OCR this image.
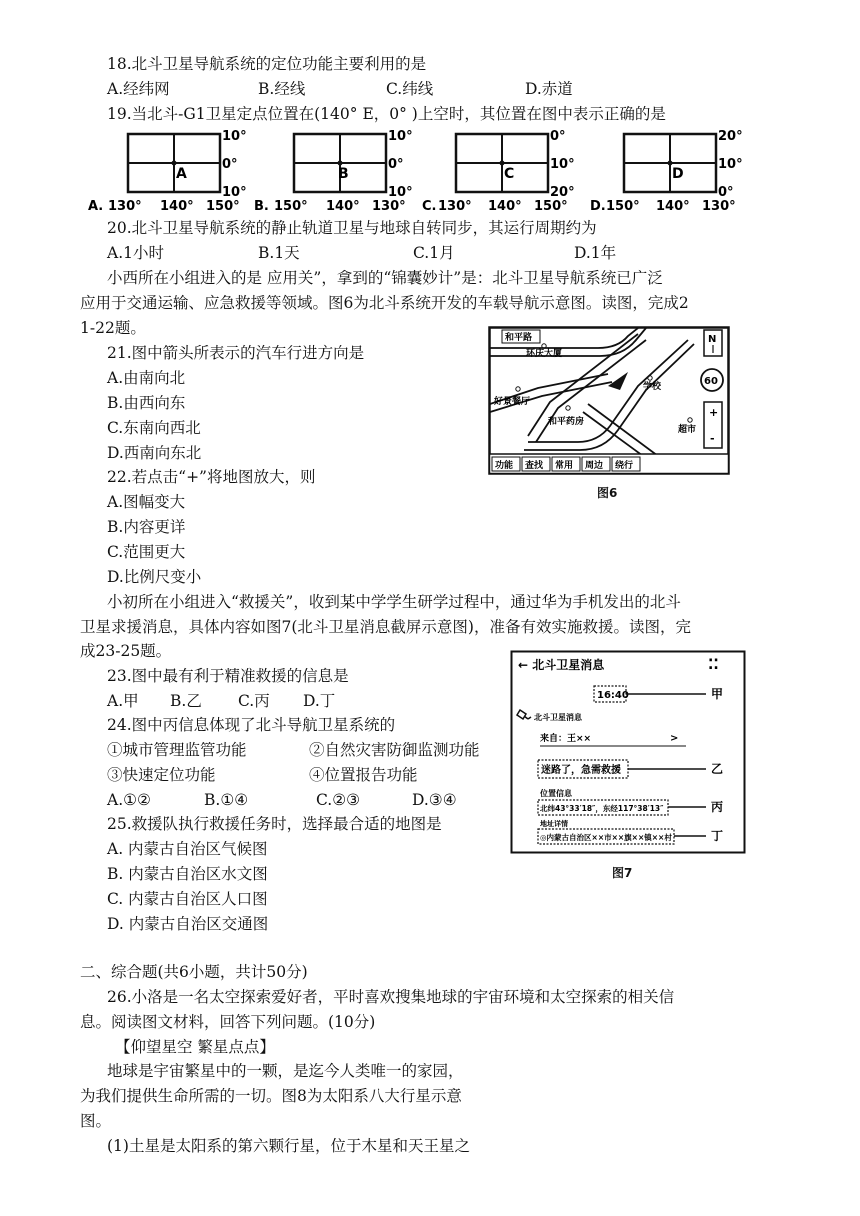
18.北斗卫星导航系统的定位功能主要利用的是
A.经纬网	B.经线	C.纬线	D.赤道
19.当北斗-G1卫星定点位置在(140° E，0° )上空时，其位置在图中表示正确的是
A
10°
0°
10°
A. 130° 140° 150°
B
10°
0°
10°
B. 150° 140° 130°
C
0°
10°
20°
C. 130° 140° 150°
D
20°
10°
0°
D. 150° 140° 130°
20.北斗卫星导航系统的静止轨道卫星与地球自转同步，其运行周期约为
A.1小时	B.1天	C.1月	D.1年
小西所在小组进入的是 应用关”，拿到的“锦囊妙计”是：北斗卫星导航系统已广泛
应用于交通运输、应急救援等领域。图6为北斗系统开发的车载导航示意图。读图，完成2
1-22题。
21.图中箭头所表示的汽车行进方向是
A.由南向北
B.由西向东
C.东南向西北
D.西南向东北
22.若点击“+”将地图放大，则
A.图幅变大
B.内容更详
C.范围更大
D.比例尺变小
和平路
环庆大厦
学校
好景餐厅
和平药房
超市
N
60
+
-
功能 查找 常用 周边 绕行
图6
小初所在小组进入“救援关”，收到某中学学生研学过程中，通过华为手机发出的北斗
卫星求援消息，具体内容如图7(北斗卫星消息截屏示意图)，准备有效实施救援。读图，完
成23-25题。
23.图中最有利于精准救援的信息是
A.甲 B.乙 C.丙 D.丁
24.图中丙信息体现了北斗导航卫星系统的
①城市管理监管功能	②自然灾害防御监测功能
③快速定位功能	④位置报告功能
A.①②	B.①④	C.②③	D.③④
25.救援队执行救援任务时，选择最合适的地图是
A. 内蒙古自治区气候图
B. 内蒙古自治区水文图
C. 内蒙古自治区人口图
D. 内蒙古自治区交通图
← 北斗卫星消息	⁚⁚
16:40	甲
北斗卫星消息
来自：王××	>
迷路了，急需救援	乙
位置信息
北纬43°33′18″，东经117°38′13″	丙
地址详情
◎内蒙古自治区××市××旗××镇××村	丁
图7
二、综合题(共6小题，共计50分)
26.小洛是一名太空探索爱好者，平时喜欢搜集地球的宇宙环境和太空探索的相关信
息。阅读图文材料，回答下列问题。(10分)
【仰望星空 繁星点点】
地球是宇宙繁星中的一颗，是迄今人类唯一的家园，
为我们提供生命所需的一切。图8为太阳系八大行星示意
图。
(1)土星是太阳系的第六颗行星，位于木星和天王星之
